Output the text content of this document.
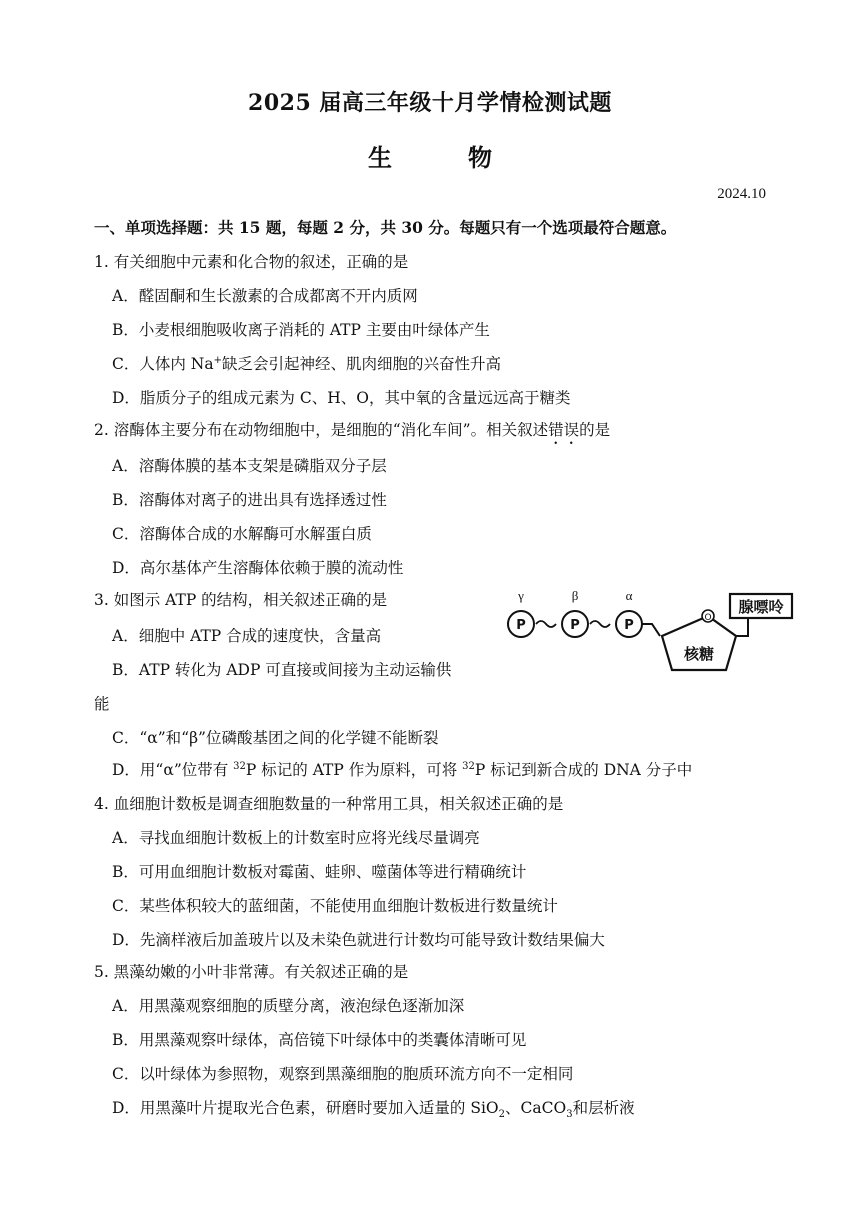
2025 届高三年级十月学情检测试题
生　物
2024.10
一、单项选择题：共 15 题，每题 2 分，共 30 分。每题只有一个选项最符合题意。
1. 有关细胞中元素和化合物的叙述，正确的是
A．醛固酮和生长激素的合成都离不开内质网
B．小麦根细胞吸收离子消耗的 ATP 主要由叶绿体产生
C．人体内 Na+缺乏会引起神经、肌肉细胞的兴奋性升高
D．脂质分子的组成元素为 C、H、O，其中氧的含量远远高于糖类
2. 溶酶体主要分布在动物细胞中，是细胞的“消化车间”。相关叙述错误的是
A．溶酶体膜的基本支架是磷脂双分子层
B．溶酶体对离子的进出具有选择透过性
C．溶酶体合成的水解酶可水解蛋白质
D．高尔基体产生溶酶体依赖于膜的流动性
3. 如图示 ATP 的结构，相关叙述正确的是
A．细胞中 ATP 合成的速度快，含量高
B．ATP 转化为 ADP 可直接或间接为主动运输供
能
C．“α”和“β”位磷酸基团之间的化学键不能断裂
D．用“α”位带有 $^{32}$P 标记的 ATP 作为原料，可将 $^{32}$P 标记到新合成的 DNA 分子中
γ	β	α
P	P	P	O
核糖
腺嘌呤
4. 血细胞计数板是调查细胞数量的一种常用工具，相关叙述正确的是
A．寻找血细胞计数板上的计数室时应将光线尽量调亮
B．可用血细胞计数板对霉菌、蛙卵、噬菌体等进行精确统计
C．某些体积较大的蓝细菌，不能使用血细胞计数板进行数量统计
D．先滴样液后加盖玻片以及未染色就进行计数均可能导致计数结果偏大
5. 黑藻幼嫩的小叶非常薄。有关叙述正确的是
A．用黑藻观察细胞的质壁分离，液泡绿色逐渐加深
B．用黑藻观察叶绿体，高倍镜下叶绿体中的类囊体清晰可见
C．以叶绿体为参照物，观察到黑藻细胞的胞质环流方向不一定相同
D．用黑藻叶片提取光合色素，研磨时要加入适量的 SiO$_2$、CaCO$_3$和层析液
